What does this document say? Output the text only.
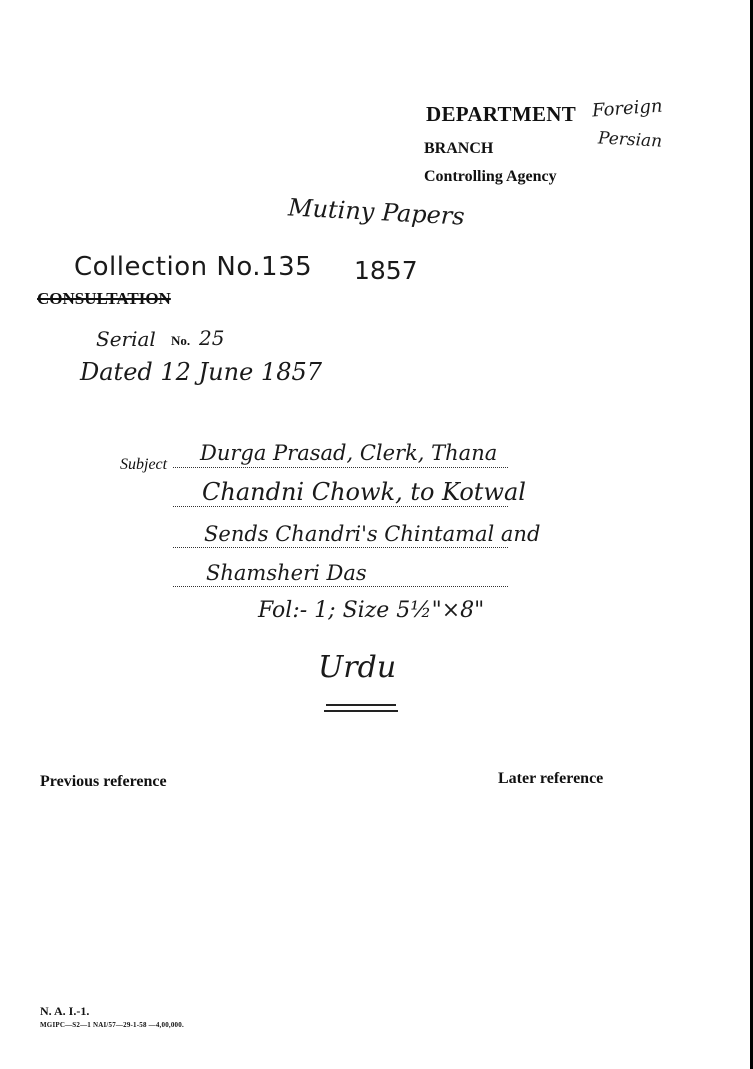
DEPARTMENT Foreign
BRANCH	Persian
Controlling Agency
Mutiny Papers
Collection No.135 1857
CONSULTATION
Serial No. 25
Dated 12 June 1857
Subject Durga Prasad, Clerk, Thana
Chandni Chowk, to Kotwal
Sends Chandri's Chintamal and
Shamsheri Das
Fol:- 1; Size 5½"×8"
Urdu
Previous reference	Later reference
N. A. I.-1.
MGIPC—S2—1 NAI/57—29-1-58 —4,00,000.
